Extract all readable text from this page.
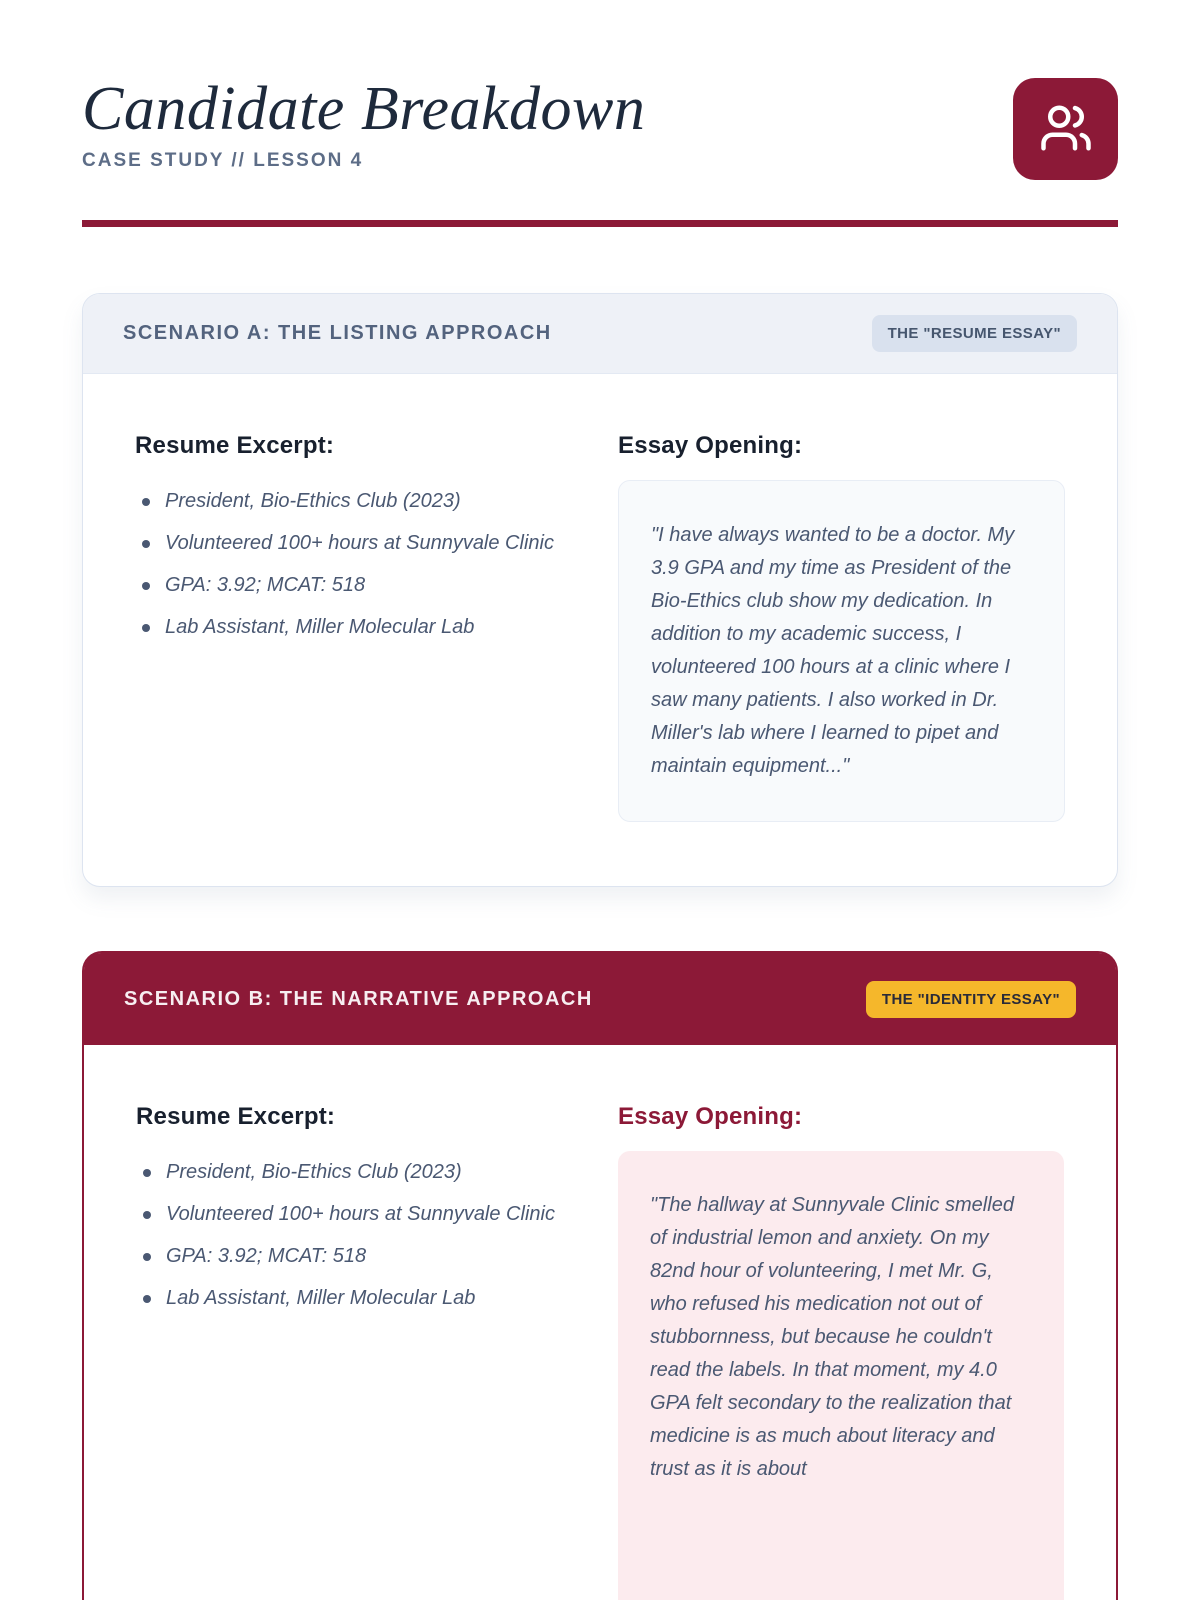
Candidate Breakdown
CASE STUDY // LESSON 4
SCENARIO A: THE LISTING APPROACH	THE "RESUME ESSAY"
Resume Excerpt:
President, Bio-Ethics Club (2023)
Volunteered 100+ hours at Sunnyvale Clinic
GPA: 3.92; MCAT: 518
Lab Assistant, Miller Molecular Lab
Essay Opening:
"I have always wanted to be a doctor. My 3.9 GPA and my time as President of the Bio-Ethics club show my dedication. In addition to my academic success, I volunteered 100 hours at a clinic where I saw many patients. I also worked in Dr. Miller's lab where I learned to pipet and maintain equipment..."
SCENARIO B: THE NARRATIVE APPROACH	THE "IDENTITY ESSAY"
Resume Excerpt:
President, Bio-Ethics Club (2023)
Volunteered 100+ hours at Sunnyvale Clinic
GPA: 3.92; MCAT: 518
Lab Assistant, Miller Molecular Lab
Essay Opening:
"The hallway at Sunnyvale Clinic smelled of industrial lemon and anxiety. On my 82nd hour of volunteering, I met Mr. G, who refused his medication not out of stubbornness, but because he couldn't read the labels. In that moment, my 4.0 GPA felt secondary to the realization that medicine is as much about literacy and trust as it is about
